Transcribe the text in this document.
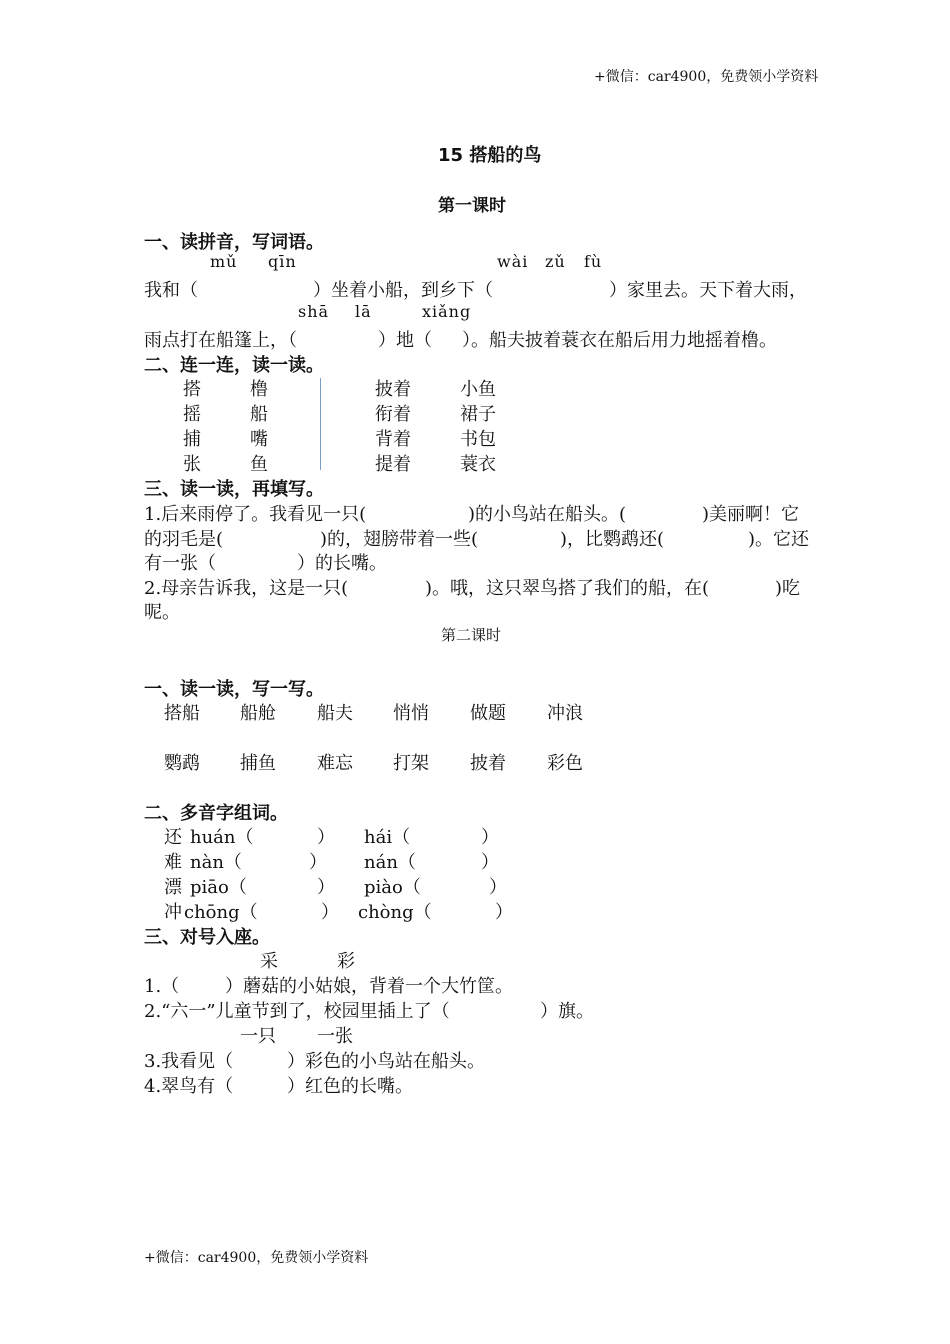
+微信：car4900，免费领小学资料
+微信：car4900，免费领小学资料
15 搭船的鸟
第一课时
一、读拼音，写词语。
mǔ qīn	wài zǔ fù
我和（	）坐着小船，到乡下（	）家里去。天下着大雨，
shā lā	xiǎng
雨点打在船篷上，（	）地（ ）。船夫披着蓑衣在船后用力地摇着橹。
二、连一连，读一读。
搭	橹	披着	小鱼
摇	船	衔着	裙子
捕	嘴	背着	书包
张	鱼	提着	蓑衣
三、读一读，再填写。
1.后来雨停了。我看见一只(	)的小鸟站在船头。(	)美丽啊！它
的羽毛是(	)的，翅膀带着一些(	)，比鹦鹉还(	)。它还
有一张（	）的长嘴。
2.母亲告诉我，这是一只(	)。哦，这只翠鸟搭了我们的船，在(	)吃
呢。
第二课时
一、读一读，写一写。
搭船 船舱 船夫 悄悄 做题 冲浪
鹦鹉 捕鱼 难忘 打架 披着 彩色
二、多音字组词。
还 huán（	） hái（	）
难 nàn（	） nán（	）
漂 piāo（	） piào（	）
冲 chōng（	） chòng（	）
三、对号入座。
采	彩
1.（	）蘑菇的小姑娘，背着一个大竹筐。
2.“六一”儿童节到了，校园里插上了（	）旗。
一只 一张
3.我看见（	）彩色的小鸟站在船头。
4.翠鸟有（	）红色的长嘴。
